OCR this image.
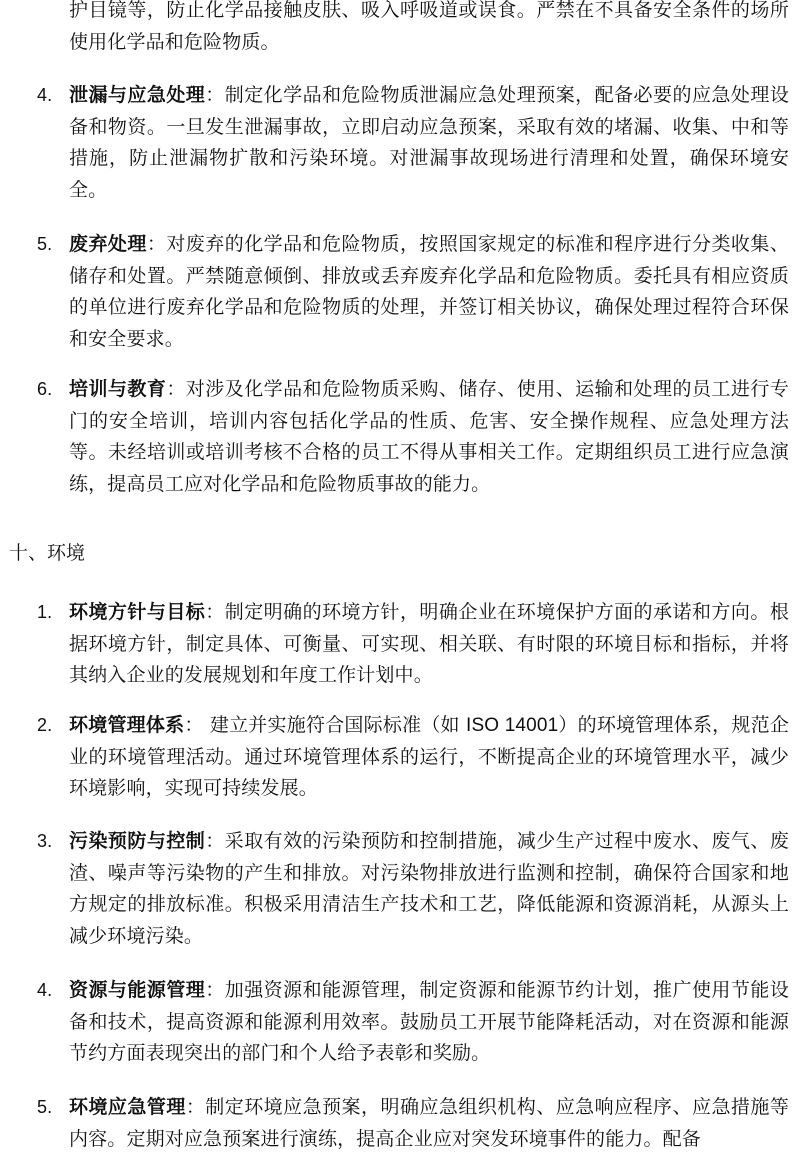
护目镜等，防止化学品接触皮肤、吸入呼吸道或误食。严禁在不具备安全条件的场所使用化学品和危险物质。

4. 泄漏与应急处理：制定化学品和危险物质泄漏应急处理预案，配备必要的应急处理设备和物资。一旦发生泄漏事故，立即启动应急预案，采取有效的堵漏、收集、中和等措施，防止泄漏物扩散和污染环境。对泄漏事故现场进行清理和处置，确保环境安全。
5. 废弃处理：对废弃的化学品和危险物质，按照国家规定的标准和程序进行分类收集、储存和处置。严禁随意倾倒、排放或丢弃废弃化学品和危险物质。委托具有相应资质的单位进行废弃化学品和危险物质的处理，并签订相关协议，确保处理过程符合环保和安全要求。
6. 培训与教育：对涉及化学品和危险物质采购、储存、使用、运输和处理的员工进行专门的安全培训，培训内容包括化学品的性质、危害、安全操作规程、应急处理方法等。未经培训或培训考核不合格的员工不得从事相关工作。定期组织员工进行应急演练，提高员工应对化学品和危险物质事故的能力。
十、环境
1. 环境方针与目标：制定明确的环境方针，明确企业在环境保护方面的承诺和方向。根据环境方针，制定具体、可衡量、可实现、相关联、有时限的环境目标和指标，并将其纳入企业的发展规划和年度工作计划中。
2. 环境管理体系： 建立并实施符合国际标准（如 ISO 14001）的环境管理体系，规范企业的环境管理活动。通过环境管理体系的运行，不断提高企业的环境管理水平，减少环境影响，实现可持续发展。
3. 污染预防与控制：采取有效的污染预防和控制措施，减少生产过程中废水、废气、废渣、噪声等污染物的产生和排放。对污染物排放进行监测和控制，确保符合国家和地方规定的排放标准。积极采用清洁生产技术和工艺，降低能源和资源消耗，从源头上减少环境污染。
4. 资源与能源管理：加强资源和能源管理，制定资源和能源节约计划，推广使用节能设备和技术，提高资源和能源利用效率。鼓励员工开展节能降耗活动，对在资源和能源节约方面表现突出的部门和个人给予表彰和奖励。
5. 环境应急管理：制定环境应急预案，明确应急组织机构、应急响应程序、应急措施等内容。定期对应急预案进行演练，提高企业应对突发环境事件的能力。配备
